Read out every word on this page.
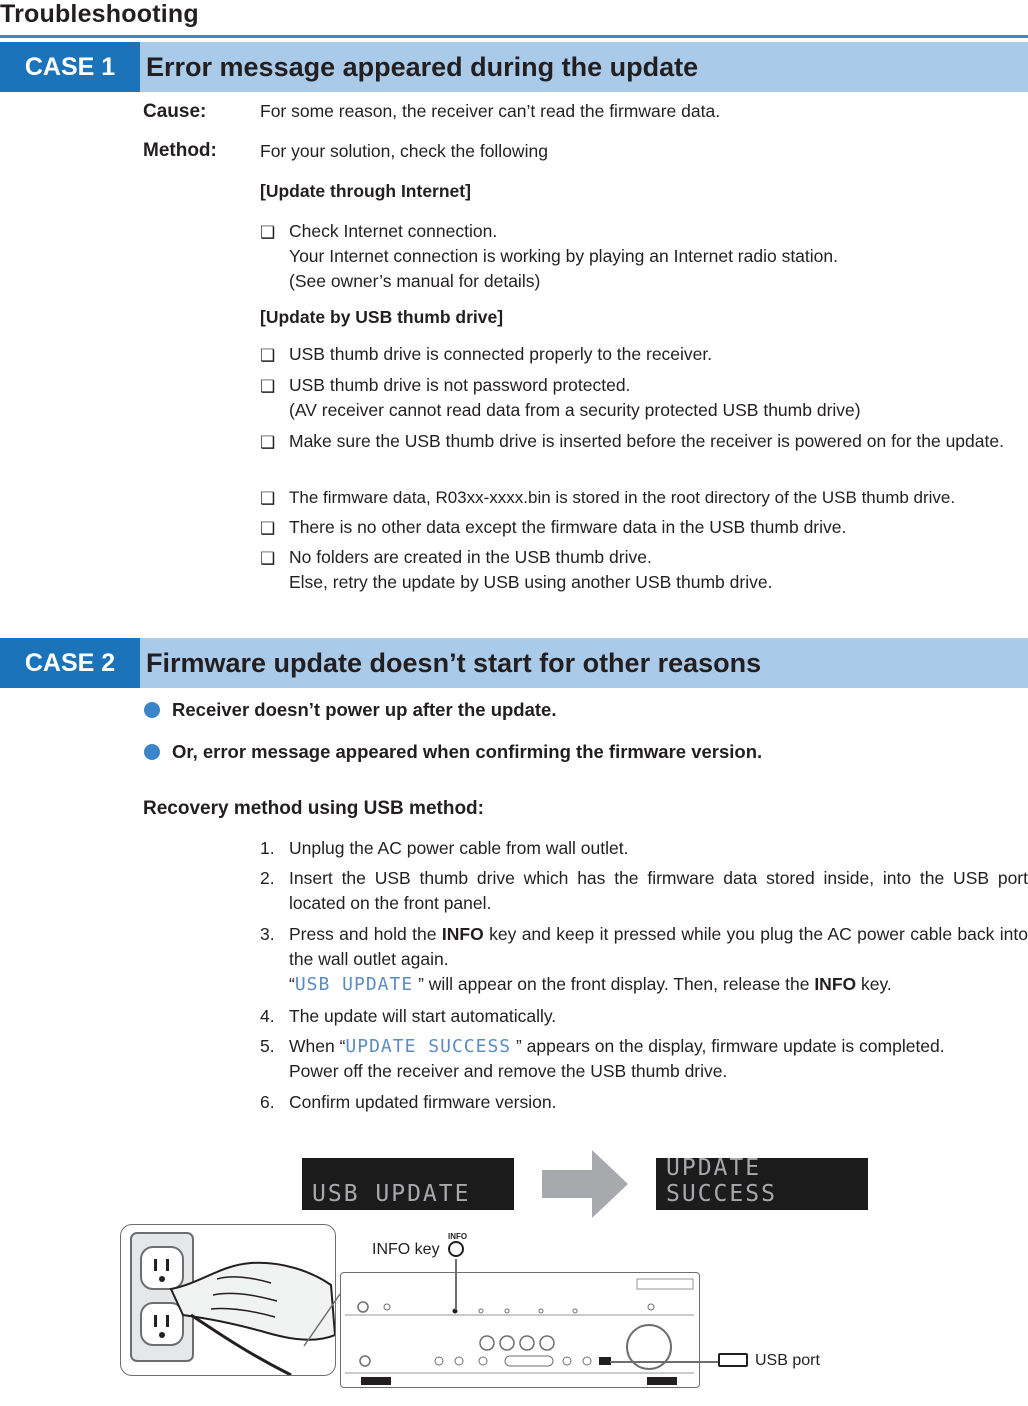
Troubleshooting
CASE 1	Error message appeared during the update
Cause:	For some reason, the receiver can’t read the firmware data.
Method: For your solution, check the following
[Update through Internet]
❑ Check Internet connection.
Your Internet connection is working by playing an Internet radio station.
(See owner’s manual for details)
[Update by USB thumb drive]
❑ USB thumb drive is connected properly to the receiver.
❑ USB thumb drive is not password protected.
(AV receiver cannot read data from a security protected USB thumb drive)
❑ Make sure the USB thumb drive is inserted before the receiver is powered on for the update.
❑ The firmware data, R03xx-xxxx.bin is stored in the root directory of the USB thumb drive.
❑ There is no other data except the firmware data in the USB thumb drive.
❑ No folders are created in the USB thumb drive.
Else, retry the update by USB using another USB thumb drive.
CASE 2	Firmware update doesn’t start for other reasons
Receiver doesn’t power up after the update.
Or, error message appeared when confirming the firmware version.
Recovery method using USB method:
1. Unplug the AC power cable from wall outlet.
2. Insert the USB thumb drive which has the firmware data stored inside, into the USB port located on the front panel.
3. Press and hold the INFO key and keep it pressed while you plug the AC power cable back into the wall outlet again.
“USB UPDATE ” will appear on the front display. Then, release the INFO key.
4. The update will start automatically.
5. When “UPDATE SUCCESS ” appears on the display, firmware update is completed.
Power off the receiver and remove the USB thumb drive.
6. Confirm updated firmware version.
USB UPDATE
UPDATE SUCCESS
INFO key
INFO
USB port
